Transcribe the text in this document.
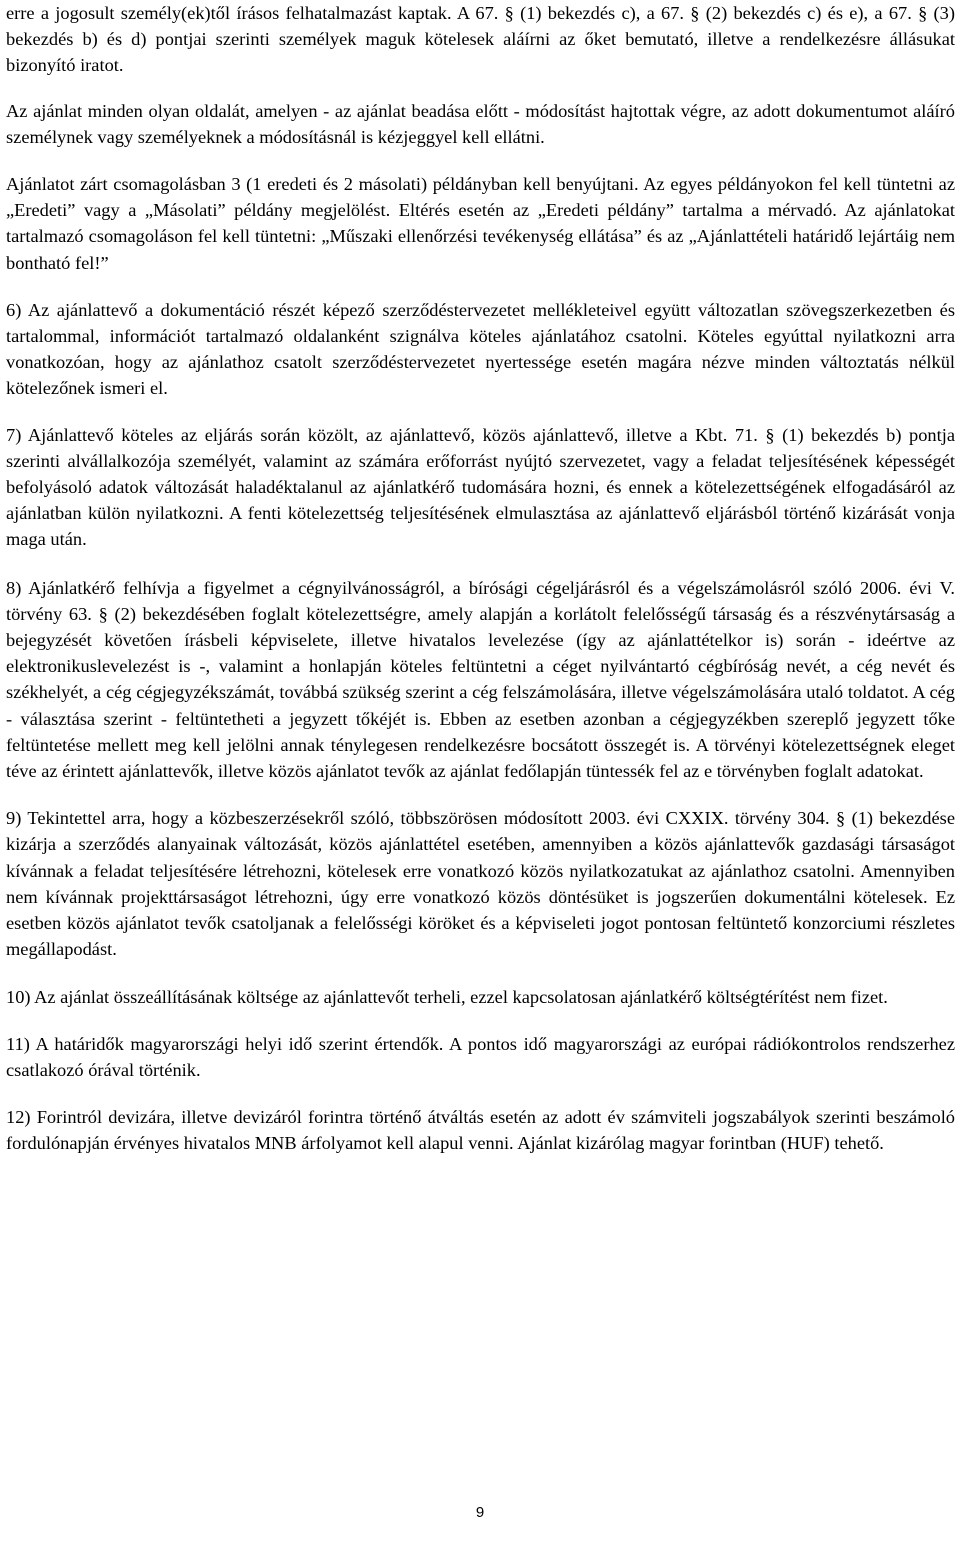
erre a jogosult személy(ek)től írásos felhatalmazást kaptak. A 67. § (1) bekezdés c), a 67. § (2) bekezdés c) és e), a 67. § (3) bekezdés b) és d) pontjai szerinti személyek maguk kötelesek aláírni az őket bemutató, illetve a rendelkezésre állásukat bizonyító iratot.

Az ajánlat minden olyan oldalát, amelyen - az ajánlat beadása előtt - módosítást hajtottak végre, az adott dokumentumot aláíró személynek vagy személyeknek a módosításnál is kézjeggyel kell ellátni.

Ajánlatot zárt csomagolásban 3 (1 eredeti és 2 másolati) példányban kell benyújtani. Az egyes példányokon fel kell tüntetni az „Eredeti” vagy a „Másolati” példány megjelölést. Eltérés esetén az „Eredeti példány” tartalma a mérvadó. Az ajánlatokat tartalmazó csomagoláson fel kell tüntetni: „Műszaki ellenőrzési tevékenység ellátása” és az „Ajánlattételi határidő lejártáig nem bontható fel!”

6) Az ajánlattevő a dokumentáció részét képező szerződéstervezetet mellékleteivel együtt változatlan szövegszerkezetben és tartalommal, információt tartalmazó oldalanként szignálva köteles ajánlatához csatolni. Köteles egyúttal nyilatkozni arra vonatkozóan, hogy az ajánlathoz csatolt szerződéstervezetet nyertessége esetén magára nézve minden változtatás nélkül kötelezőnek ismeri el.

7) Ajánlattevő köteles az eljárás során közölt, az ajánlattevő, közös ajánlattevő, illetve a Kbt. 71. § (1) bekezdés b) pontja szerinti alvállalkozója személyét, valamint az számára erőforrást nyújtó szervezetet, vagy a feladat teljesítésének képességét befolyásoló adatok változását haladéktalanul az ajánlatkérő tudomására hozni, és ennek a kötelezettségének elfogadásáról az ajánlatban külön nyilatkozni. A fenti kötelezettség teljesítésének elmulasztása az ajánlattevő eljárásból történő kizárását vonja maga után.

8) Ajánlatkérő felhívja a figyelmet a cégnyilvánosságról, a bírósági cégeljárásról és a végelszámolásról szóló 2006. évi V. törvény 63. § (2) bekezdésében foglalt kötelezettségre, amely alapján a korlátolt felelősségű társaság és a részvénytársaság a bejegyzését követően írásbeli képviselete, illetve hivatalos levelezése (így az ajánlattételkor is) során - ideértve az elektronikuslevelezést is -, valamint a honlapján köteles feltüntetni a céget nyilvántartó cégbíróság nevét, a cég nevét és székhelyét, a cég cégjegyzékszámát, továbbá szükség szerint a cég felszámolására, illetve végelszámolására utaló toldatot. A cég - választása szerint - feltüntetheti a jegyzett tőkéjét is. Ebben az esetben azonban a cégjegyzékben szereplő jegyzett tőke feltüntetése mellett meg kell jelölni annak ténylegesen rendelkezésre bocsátott összegét is. A törvényi kötelezettségnek eleget téve az érintett ajánlattevők, illetve közös ajánlatot tevők az ajánlat fedőlapján tüntessék fel az e törvényben foglalt adatokat.

9) Tekintettel arra, hogy a közbeszerzésekről szóló, többszörösen módosított 2003. évi CXXIX. törvény 304. § (1) bekezdése kizárja a szerződés alanyainak változását, közös ajánlattétel esetében, amennyiben a közös ajánlattevők gazdasági társaságot kívánnak a feladat teljesítésére létrehozni, kötelesek erre vonatkozó közös nyilatkozatukat az ajánlathoz csatolni. Amennyiben nem kívánnak projekttársaságot létrehozni, úgy erre vonatkozó közös döntésüket is jogszerűen dokumentálni kötelesek. Ez esetben közös ajánlatot tevők csatoljanak a felelősségi köröket és a képviseleti jogot pontosan feltüntető konzorciumi részletes megállapodást.

10) Az ajánlat összeállításának költsége az ajánlattevőt terheli, ezzel kapcsolatosan ajánlatkérő költségtérítést nem fizet.

11) A határidők magyarországi helyi idő szerint értendők. A pontos idő magyarországi az európai rádiókontrolos rendszerhez csatlakozó órával történik.

12) Forintról devizára, illetve devizáról forintra történő átváltás esetén az adott év számviteli jogszabályok szerinti beszámoló fordulónapján érvényes hivatalos MNB árfolyamot kell alapul venni. Ajánlat kizárólag magyar forintban (HUF) tehető.

9
